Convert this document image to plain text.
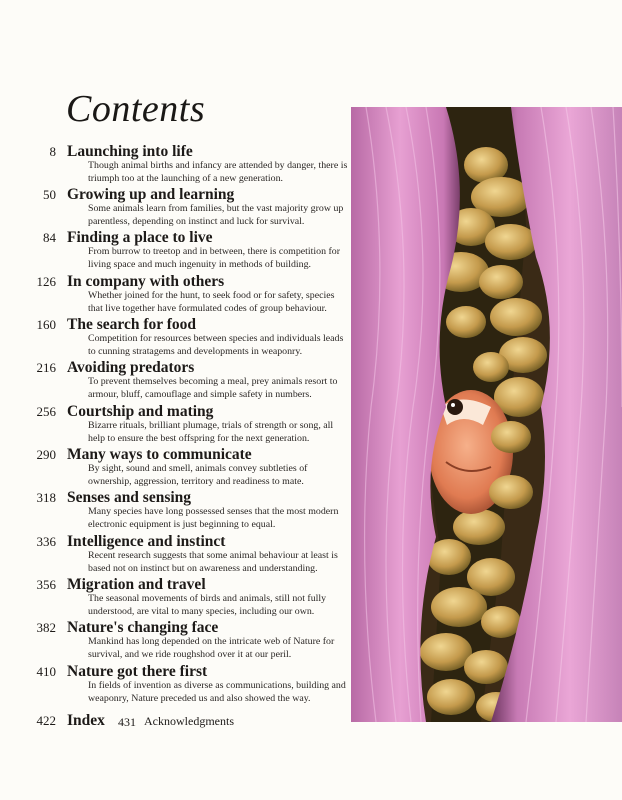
Contents
8 Launching into life
Though animal births and infancy are attended by danger, there is triumph too at the launching of a new generation.
50 Growing up and learning
Some animals learn from families, but the vast majority grow up parentless, depending on instinct and luck for survival.
84 Finding a place to live
From burrow to treetop and in between, there is competition for living space and much ingenuity in methods of building.
126 In company with others
Whether joined for the hunt, to seek food or for safety, species that live together have formulated codes of group behaviour.
160 The search for food
Competition for resources between species and individuals leads to cunning stratagems and developments in weaponry.
216 Avoiding predators
To prevent themselves becoming a meal, prey animals resort to armour, bluff, camouflage and simple safety in numbers.
256 Courtship and mating
Bizarre rituals, brilliant plumage, trials of strength or song, all help to ensure the best offspring for the next generation.
290 Many ways to communicate
By sight, sound and smell, animals convey subtleties of ownership, aggression, territory and readiness to mate.
318 Senses and sensing
Many species have long possessed senses that the most modern electronic equipment is just beginning to equal.
336 Intelligence and instinct
Recent research suggests that some animal behaviour at least is based not on instinct but on awareness and understanding.
356 Migration and travel
The seasonal movements of birds and animals, still not fully understood, are vital to many species, including our own.
382 Nature's changing face
Mankind has long depended on the intricate web of Nature for survival, and we ride roughshod over it at our peril.
410 Nature got there first
In fields of invention as diverse as communications, building and weaponry, Nature preceded us and also showed the way.
422 Index 431 Acknowledgments
